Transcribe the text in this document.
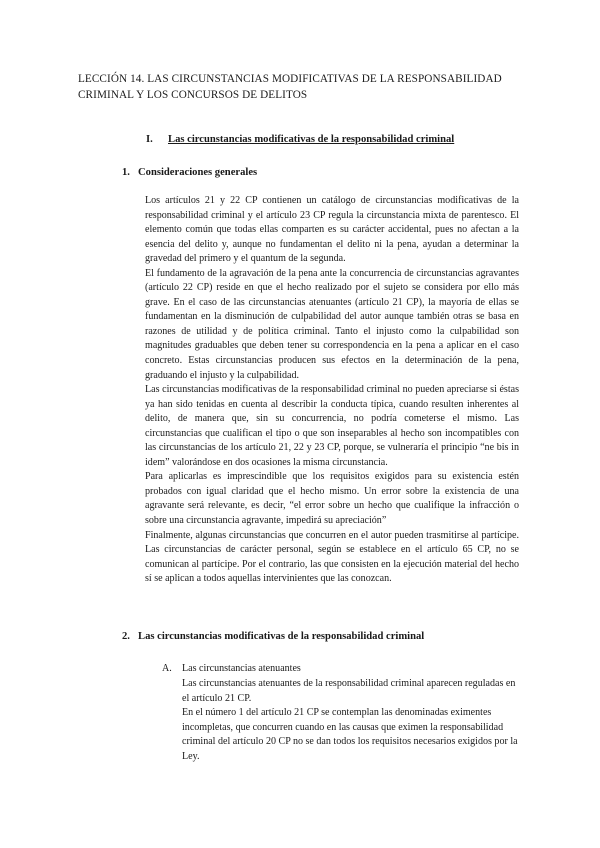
LECCIÓN 14. LAS CIRCUNSTANCIAS MODIFICATIVAS DE LA RESPONSABILIDAD CRIMINAL Y LOS CONCURSOS DE DELITOS
I. Las circunstancias modificativas de la responsabilidad criminal
1. Consideraciones generales

Los artículos 21 y 22 CP contienen un catálogo de circunstancias modificativas de la responsabilidad criminal y el artículo 23 CP regula la circunstancia mixta de parentesco. El elemento común que todas ellas comparten es su carácter accidental, pues no afectan a la esencia del delito y, aunque no fundamentan el delito ni la pena, ayudan a determinar la gravedad del primero y el quantum de la segunda.

El fundamento de la agravación de la pena ante la concurrencia de circunstancias agravantes (artículo 22 CP) reside en que el hecho realizado por el sujeto se considera por ello más grave. En el caso de las circunstancias atenuantes (artículo 21 CP), la mayoría de ellas se fundamentan en la disminución de culpabilidad del autor aunque también otras se basa en razones de utilidad y de política criminal. Tanto el injusto como la culpabilidad son magnitudes graduables que deben tener su correspondencia en la pena a aplicar en el caso concreto. Estas circunstancias producen sus efectos en la determinación de la pena, graduando el injusto y la culpabilidad.

Las circunstancias modificativas de la responsabilidad criminal no pueden apreciarse si éstas ya han sido tenidas en cuenta al describir la conducta típica, cuando resulten inherentes al delito, de manera que, sin su concurrencia, no podría cometerse el mismo. Las circunstancias que cualifican el tipo o que son inseparables al hecho son incompatibles con las circunstancias de los artículo 21, 22 y 23 CP, porque, se vulneraría el principio “ne bis in idem” valorándose en dos ocasiones la misma circunstancia.

Para aplicarlas es imprescindible que los requisitos exigidos para su existencia estén probados con igual claridad que el hecho mismo. Un error sobre la existencia de una agravante será relevante, es decir, “el error sobre un hecho que cualifique la infracción o sobre una circunstancia agravante, impedirá su apreciación”

Finalmente, algunas circunstancias que concurren en el autor pueden trasmitirse al partícipe. Las circunstancias de carácter personal, según se establece en el artículo 65 CP, no se comunican al partícipe. Por el contrario, las que consisten en la ejecución material del hecho sí se aplican a todos aquellas intervinientes que las conozcan.

2. Las circunstancias modificativas de la responsabilidad criminal
A. Las circunstancias atenuantes

Las circunstancias atenuantes de la responsabilidad criminal aparecen reguladas en el artículo 21 CP.

En el número 1 del artículo 21 CP se contemplan las denominadas eximentes incompletas, que concurren cuando en las causas que eximen la responsabilidad criminal del artículo 20 CP no se dan todos los requisitos necesarios exigidos por la Ley.
